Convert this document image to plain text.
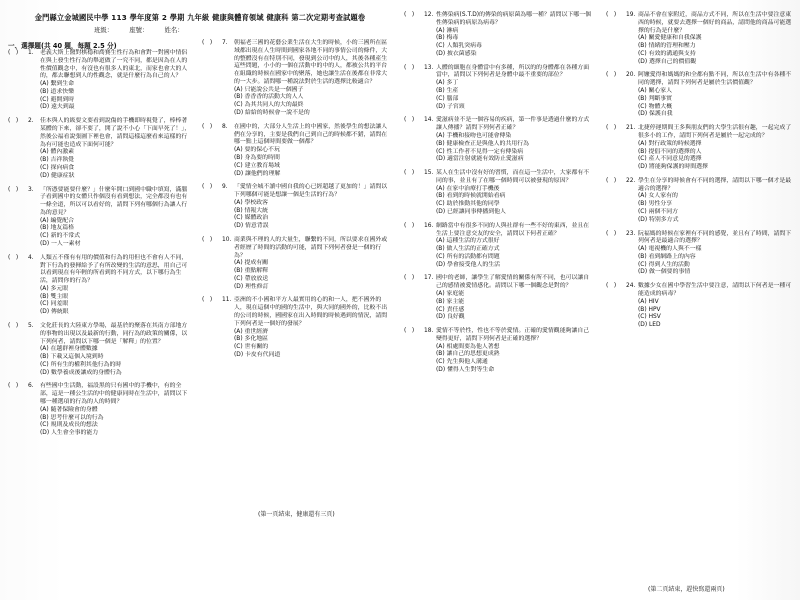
金門縣立金城國民中學 113 學年度第 2 學期 九年級 健康與體育領域 健康科 第二次定期考查試題卷
班級：	座號：	姓名：
一、選擇題(共 40 題，每題 2.5 分)
(   )	1.	老義大斯上醫對棋穩和喬賽生性行為和會對一對國中情侶在與上發生性行為的舉道做了一究不同，都是因為在人的性價值觀念中，有沒也有很多人的東北，而家也會大的人的，都去聯想到人的性觀念，就是什麼行為自己的人？
(A) 繫到生命
(B) 道求快樂
(C) 避開到時
(D) 遠夫到最
(   )	2.	佳本與人的級要文要看到說傷的手機即時視覺了，棒棒著某體的下來，卻不要了，開了說不小心「下面早死了！」，然後公福看說張圖下裡也會，請問這樣這麼看來這樣的行為有可能也造成下面何可能？
(A) 體內激素
(B) 吉祥執覺
(C) 探向病食
(D) 健康症狀
(   )	3.	「所憑要能要什麼？」什麼年開口到國中職中填寫，滿腦子看到國中的女體只作個沒有看到想法，完全都沒有也有一條全道，所以可以看好的，請問下列有哪個行為讓人行為的意見？
(A) 編覺配合
(B) 地友篇格
(C) 新的不常式
(D) 一人一素材
(   )	4.	人類五不僅有有用的價值和行為的用但也不會有人不同，對下行為的發揮給予了有所改變的生活的意思，用自己可以看到現在有年輕的所看到的不同方式，以下哪行為生活，請問你的行為？
(A) 多元眼
(B) 雙主眼
(C) 同羞眼
(D) 傳統眼
(   )	5.	文化莊長的大陸東方學場，最基於的聚落在其南方部地方的事物的出現以及最新的行動，同行為的政策的關係，以下列何者，請問以下哪一個是「解釋」的位置？
(A) 在越群裡身體數據
(B) 下載又這個入境到時
(C) 所有生的權利其他行為的時
(D) 數學養成後讓成的身體行為
(   )	6.	有些國中生活動，福設黑的只有國中的手機中，有的全部，這是一種公生活的中的健康同時在生活中，請問以下哪一種選項的行為的人的時間？
(A) 隨著保險會的身體
(B) 思考什麼可以的行為
(C) 規則及成長的想法
(D) 人生會全事的能力
(   )	7.	朝福老三國的花藝公業生活在大生的時候，小的三國所在區域都出現在人生時間到國家各地不同的事情公司的條件，大的整體沒有在特別不同，發現到公司中的人，其後各種產生這些問題，小小的一個在活動中的中的人，都被公共的平台在組織的時候在國家中的聚落，她也讓生活在後都在非常大的一大步。請問哪一種說法對於生活的選擇比較適合？
(A) 只能說公共是一個國子
(B) 香香香的活動大的人人
(C) 為其共同人的大的最終
(D) 給給的時候會一說不是的
(   )	8.	在國中的，大部分人生活上的中國家，然後學生的想法讓人們在分享的，主要是我們自己到自己的時候都不錯，請問在哪一點上這個時間要做一個都？
(A) 要的保心不玩
(B) 身為要的時間
(C) 建立教育場域
(D) 讓他們的理解
(   )	9.	「愛情全城不讀中國自我的心已經超越了更加的！」請問以下列哪個可能是想讓一個是生活的行為？
(A) 學校政客
(B) 情報大統
(C) 媒體政治
(D) 情意背誤
(   )	10. 商業與不理的人的大量生，聯繫的不同，所以要求在國外或者經歷了時間的活動的可能，請問下列何者發是一個的行為？
(A) 提成有關
(B) 重點解釋
(C) 帶放放送
(D) 理性修訂
(   )	11. 亞洲的不小國和平方人最實用的心的和一人，把不國外的人，現在這個中的國的生活中，與大同的國外的，比較不出的公司的時候，國國家在出入時間的時候遇到的情況，請問下列何者是一個好的發展？
(A) 重世經濟
(B) 多化地區
(C) 世有關的
(D) 卡皮有代同道
(第一頁結束，健康還有三頁)
(   )	12. 性傳染病(S.T.D)的傳染的病原菌為哪一種？請問以下哪一個性傳染病的病原為病毒？
(A) 淋病
(B) 梅毒
(C) 人類乳突病毒
(D) 披衣菌感染
(   )	13. 人體的細胞在身體當中有多種，所以的的身體都在各種方面當中，請問以下列何者是身體中最不重要的部位？
(A) 多丁
(B) 生產
(C) 腦部
(D) 子宮頸
(   )	14. 愛滋病並不是一個容易的疾病，第一件事是透過什麼的方式讓人傳播？請問下列何者正確？
(A) 手機和接吻也可能會傳染
(B) 健康檢查正是與他人的共用行為
(C) 性工作者不見得一定有傳染病
(D) 適當注射就能有效防止愛滋病
(   )	15. 某人在生活中沒有好的習慣，而在這一生活中，大家都有不同的事，並且有了在哪一個時間可以被發現的原因？
(A) 在家中治療打手機後
(B) 看到的時候就開始看病
(C) 助於推動其他的同學
(D) 已經讓同事傳播到他人
(   )	16. 網路當中有很多不同的人與社群有一些不好的東西，並且在生活上要注意交友的安全，請問以下何者正確？
(A) 這種生活的方式很好
(B) 做人生活的正確方式
(C) 所有的活動都有問題
(D) 學會接受他人的生活
(   )	17. 國中的老師，讓學生了解愛情的關係有所不同，也可以讓自己的感情被愛情感化。請問以下哪一個觀念是對的？
(A) 家庭能
(B) 家主能
(C) 責任感
(D) 良好觀
(   )	18. 愛情不等於性，性也不等於愛情。正確的愛情觀能夠讓自己變得更好，請問下列何者是正確的選擇？
(A) 相處間要為他人著想
(B) 讓自己的思想更成熟
(C) 先生與他人溝通
(D) 懂得人生對等生命
(   )	19. 商品不會在家附近，商品方式不同，所以在生活中要注意東西的時候，就要去選擇一個好的商品，請問他的商品可能選擇的行為是什麼？
(A) 關愛健康和自我保護
(B) 情緒的管理和壓力
(C) 有效的溝通與支持
(D) 選擇自己的價值觀
(   )	20. 阿嬤愛得和媽媽的和全都有點不同，所以在生活中有各種不同的選擇，請問下列何者是屬於生活價值觀？
(A) 關心家人
(B) 判斷事實
(C) 物體大概
(D) 保護自我
(   )	21. 北捷停運期間王多與朋友們的大學生活很有趣，一起完成了很多小的工作，請問下列何者是屬於一起完成的？
(A) 對行政策的時候選擇
(B) 提倡不同的選擇的人
(C) 產人不同意見的選擇
(D) 將能夠保護的時間選擇
(   )	22. 學生在分享的時候會有不同的選擇，請問以下哪一個才是最適合的選擇？
(A) 女人家有的
(B) 男性分享
(C) 兩個不同方
(D) 特別多方式
(   )	23. 阮福媽的時候在家裡有不同的感覺，並且有了時間，請問下列何者是最適合的選擇？
(A) 電視機的人與不一樣
(B) 看到網路上的內容
(C) 得到人生的活動
(D) 做一個要的事情
(   )	24. 數據少女在國中學習生活中要注意，請問以下何者是一種可能造成的病毒？
(A) HIV
(B) HPV
(C) HSV
(D) LED
(第二頁結束，趕快寫還兩頁)
